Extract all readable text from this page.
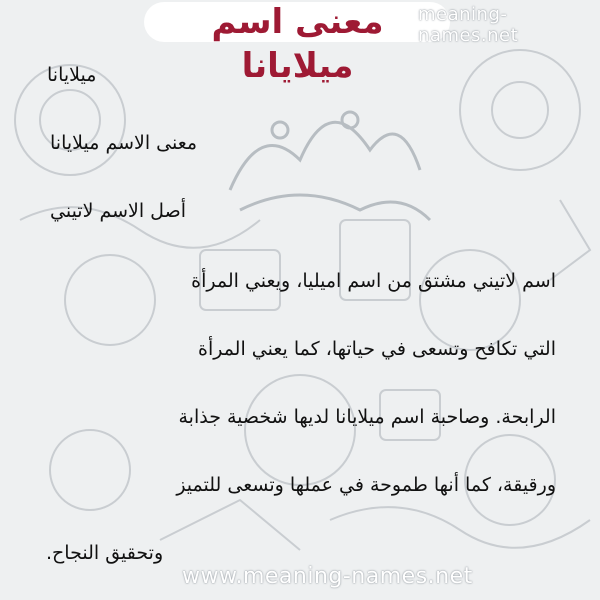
معنى اسم ميلايانا
meaning-names.net
ميلايانا
معنى الاسم ميلايانا
أصل الاسم لاتيني
اسم لاتيني مشتق من اسم اميليا، ويعني المرأة
التي تكافح وتسعى في حياتها، كما يعني المرأة
الرابحة. وصاحبة اسم ميلايانا لديها شخصية جذابة
ورقيقة، كما أنها طموحة في عملها وتسعى للتميز
وتحقيق النجاح.
www.meaning-names.net
